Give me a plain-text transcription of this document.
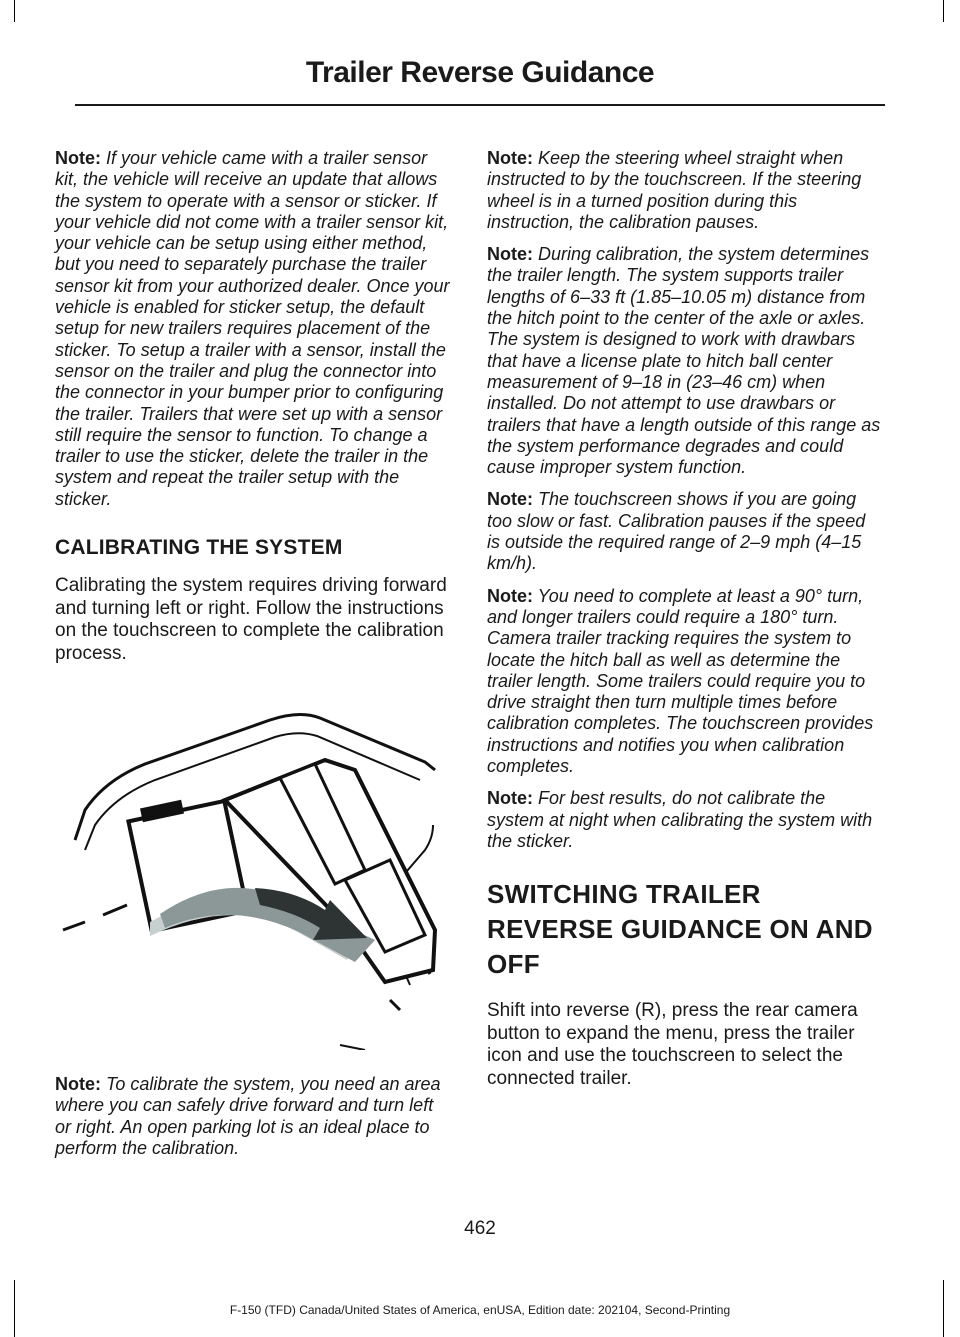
Trailer Reverse Guidance

Note: If your vehicle came with a trailer sensor kit, the vehicle will receive an update that allows the system to operate with a sensor or sticker. If your vehicle did not come with a trailer sensor kit, your vehicle can be setup using either method, but you need to separately purchase the trailer sensor kit from your authorized dealer. Once your vehicle is enabled for sticker setup, the default setup for new trailers requires placement of the sticker. To setup a trailer with a sensor, install the sensor on the trailer and plug the connector into the connector in your bumper prior to configuring the trailer. Trailers that were set up with a sensor still require the sensor to function. To change a trailer to use the sticker, delete the trailer in the system and repeat the trailer setup with the sticker.

CALIBRATING THE SYSTEM

Calibrating the system requires driving forward and turning left or right. Follow the instructions on the touchscreen to complete the calibration process.

Note: To calibrate the system, you need an area where you can safely drive forward and turn left or right. An open parking lot is an ideal place to perform the calibration.

Note: Keep the steering wheel straight when instructed to by the touchscreen. If the steering wheel is in a turned position during this instruction, the calibration pauses.

Note: During calibration, the system determines the trailer length. The system supports trailer lengths of 6–33 ft (1.85–10.05 m) distance from the hitch point to the center of the axle or axles. The system is designed to work with drawbars that have a license plate to hitch ball center measurement of 9–18 in (23–46 cm) when installed. Do not attempt to use drawbars or trailers that have a length outside of this range as the system performance degrades and could cause improper system function.

Note: The touchscreen shows if you are going too slow or fast. Calibration pauses if the speed is outside the required range of 2–9 mph (4–15 km/h).

Note: You need to complete at least a 90° turn, and longer trailers could require a 180° turn. Camera trailer tracking requires the system to locate the hitch ball as well as determine the trailer length. Some trailers could require you to drive straight then turn multiple times before calibration completes. The touchscreen provides instructions and notifies you when calibration completes.

Note: For best results, do not calibrate the system at night when calibrating the system with the sticker.

SWITCHING TRAILER
REVERSE GUIDANCE ON AND
OFF

Shift into reverse (R), press the rear camera button to expand the menu, press the trailer icon and use the touchscreen to select the connected trailer.

462
F-150 (TFD) Canada/United States of America, enUSA, Edition date: 202104, Second-Printing
